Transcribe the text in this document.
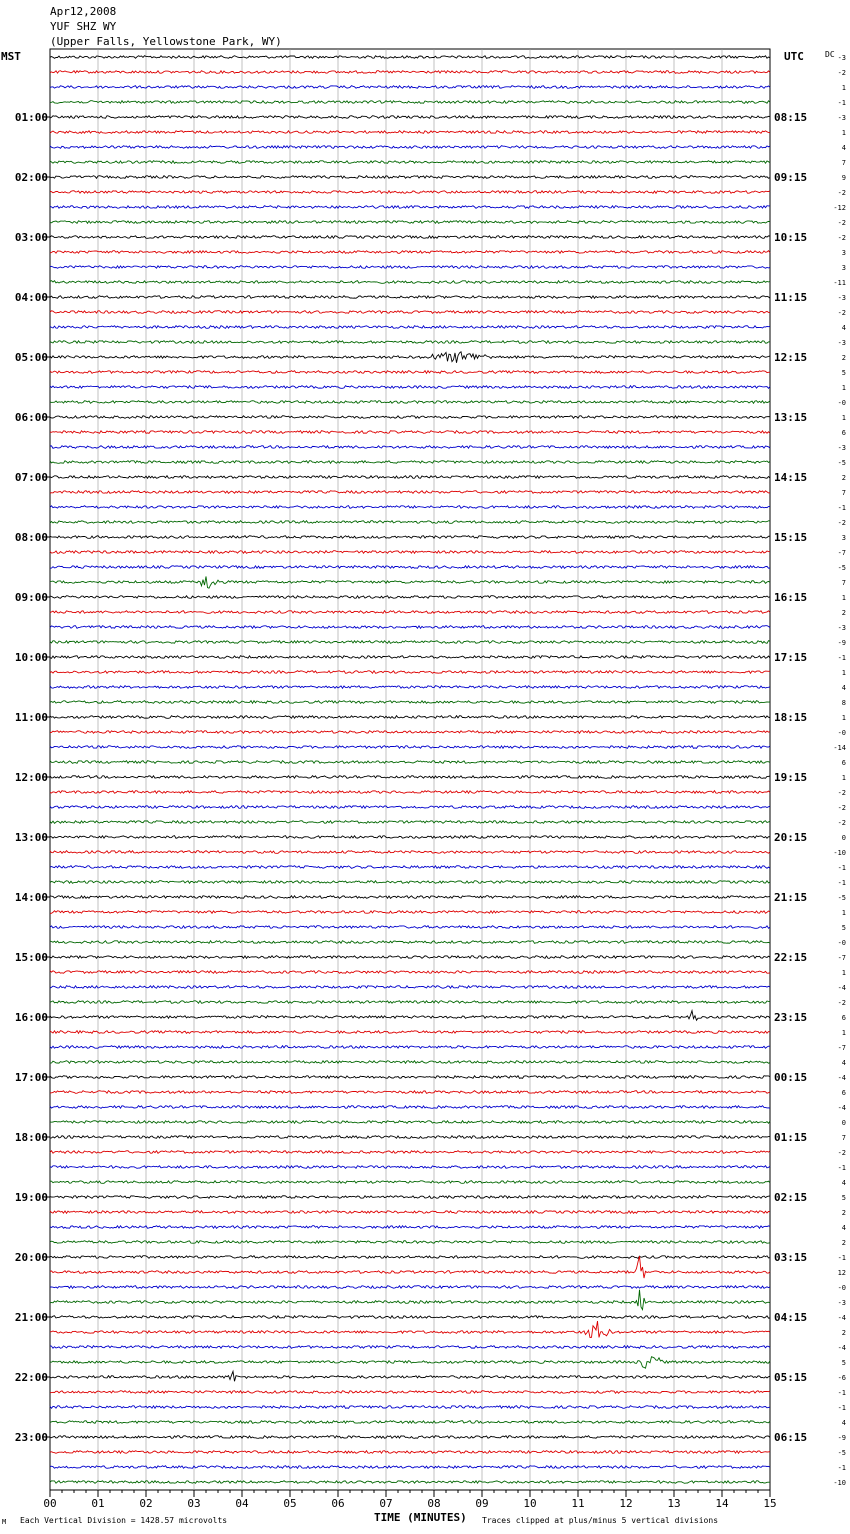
-3
-2
1
-1
-3
1
4
7
9
-2
-12
-2
-2
3
3
-11
-3
-2
4
-3
2
5
1
-0
1
6
-3
-5
2
7
-1
-2
3
-7
-5
7
1
2
-3
-9
-1
1
4
8
1
-0
-14
6
1
-2
-2
-2
0
-10
-1
-1
-5
1
5
-0
-7
1
-4
-2
6
1
-7
4
-4
6
-4
0
7
-2
-1
4
5
2
4
2
-1
12
-0
-3
-4
2
-4
5
-6
-1
-1
4
-9
-5
-1
-10
01:00
02:00
03:00
04:00
05:00
06:00
07:00
08:00
09:00
10:00
11:00
12:00
13:00
14:00
15:00
16:00
17:00
18:00
19:00
20:00
21:00
22:00
23:00
08:15
09:15
10:15
11:15
12:15
13:15
14:15
15:15
16:15
17:15
18:15
19:15
20:15
21:15
22:15
23:15
00:15
01:15
02:15
03:15
04:15
05:15
06:15
00	01	02	03	04	05	06	07	08	09	10	11	12	13	14	15
Apr12,2008
YUF SHZ WY
(Upper Falls, Yellowstone Park, WY)
MST	UTC	DC
M Each Vertical Division = 1428.57 microvolts	TIME (MINUTES) Traces clipped at plus/minus 5 vertical divisions
